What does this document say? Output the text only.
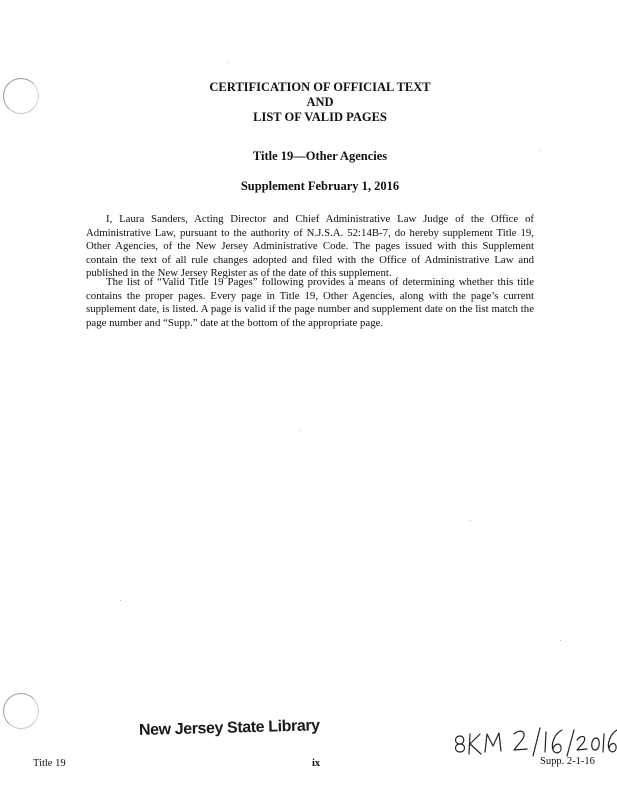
CERTIFICATION OF OFFICIAL TEXT
AND
LIST OF VALID PAGES
Title 19—Other Agencies
Supplement February 1, 2016

I, Laura Sanders, Acting Director and Chief Administrative Law Judge of the Office of Administrative Law, pursuant to the authority of N.J.S.A. 52:14B-7, do hereby supplement Title 19, Other Agencies, of the New Jersey Administrative Code. The pages issued with this Supplement contain the text of all rule changes adopted and filed with the Office of Administrative Law and published in the New Jersey Register as of the date of this supplement.

The list of “Valid Title 19 Pages” following provides a means of determining whether this title contains the proper pages. Every page in Title 19, Other Agencies, along with the page’s current supplement date, is listed. A page is valid if the page number and supplement date on the list match the page number and “Supp.” date at the bottom of the appropriate page.

New Jersey State Library
Title 19	ix	Supp. 2-1-16
